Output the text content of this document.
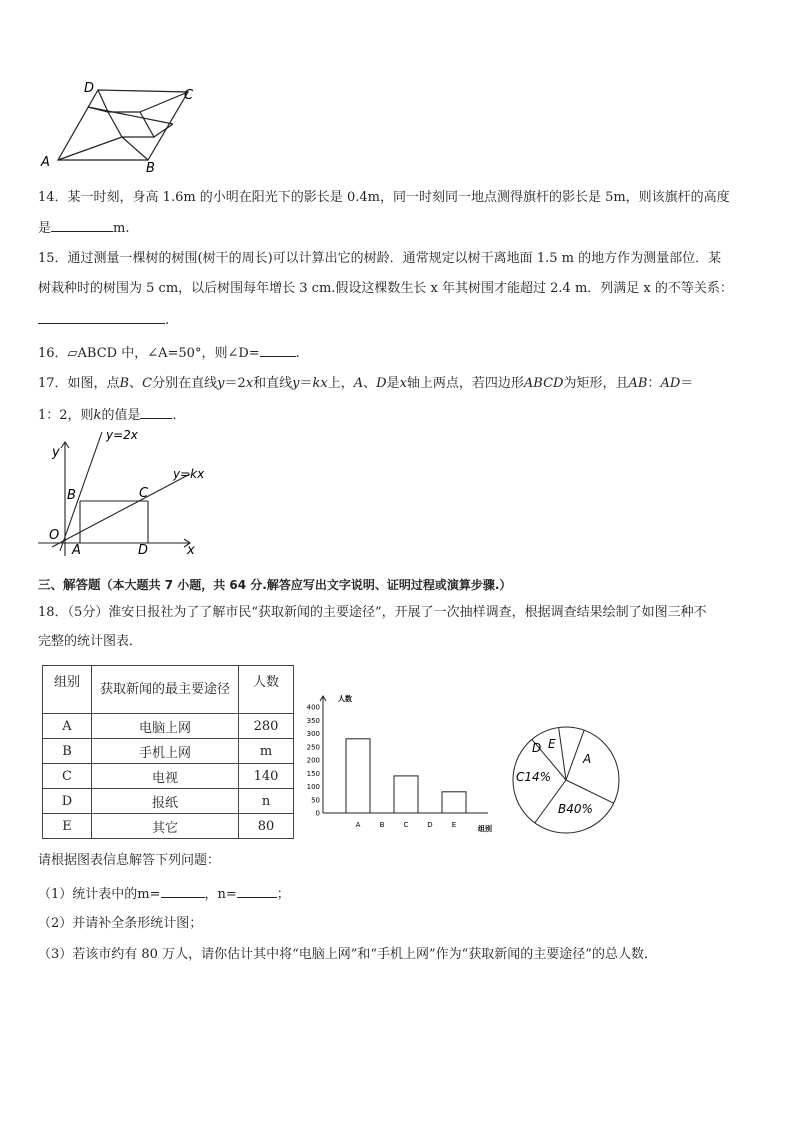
D	C
A	B
14．某一时刻，身高 1.6m 的小明在阳光下的影长是 0.4m，同一时刻同一地点测得旗杆的影长是 5m，则该旗杆的高度
是	m.
15．通过测量一棵树的树围(树干的周长)可以计算出它的树龄．通常规定以树干离地面 1.5 m 的地方作为测量部位．某
树栽种时的树围为 5 cm，以后树围每年增长 3 cm.假设这棵数生长 x 年其树围才能超过 2.4 m．列满足 x 的不等关系：
.
16．▱ABCD 中，∠A=50°，则∠D=	.
17．如图，点B、C分别在直线y＝2x和直线y＝kx上，A、D是x轴上两点，若四边形ABCD为矩形，且AB：AD＝
1：2，则k的值是 ．
y=2x
y=kx
y
x
O
A
B	C
D
三、解答题（本大题共 7 小题，共 64 分.解答应写出文字说明、证明过程或演算步骤.）
18．（5分）淮安日报社为了了解市民“获取新闻的主要途径”，开展了一次抽样调查，根据调查结果绘制了如图三种不
完整的统计图表．
组别	获取新闻的最主要途径	人数
A	电脑上网	280
B	手机上网	m
C	电视	140
D	报纸	n
E	其它	80
人数
组别
0
50
100
150
200
250
300
350
400
A	B	C	D	E
A
B40%
C14%
D E
请根据图表信息解答下列问题：
（1）统计表中的m=	，n=	；
（2）并请补全条形统计图；
（3）若该市约有 80 万人，请你估计其中将“电脑上网”和“手机上网”作为“获取新闻的主要途径”的总人数．
